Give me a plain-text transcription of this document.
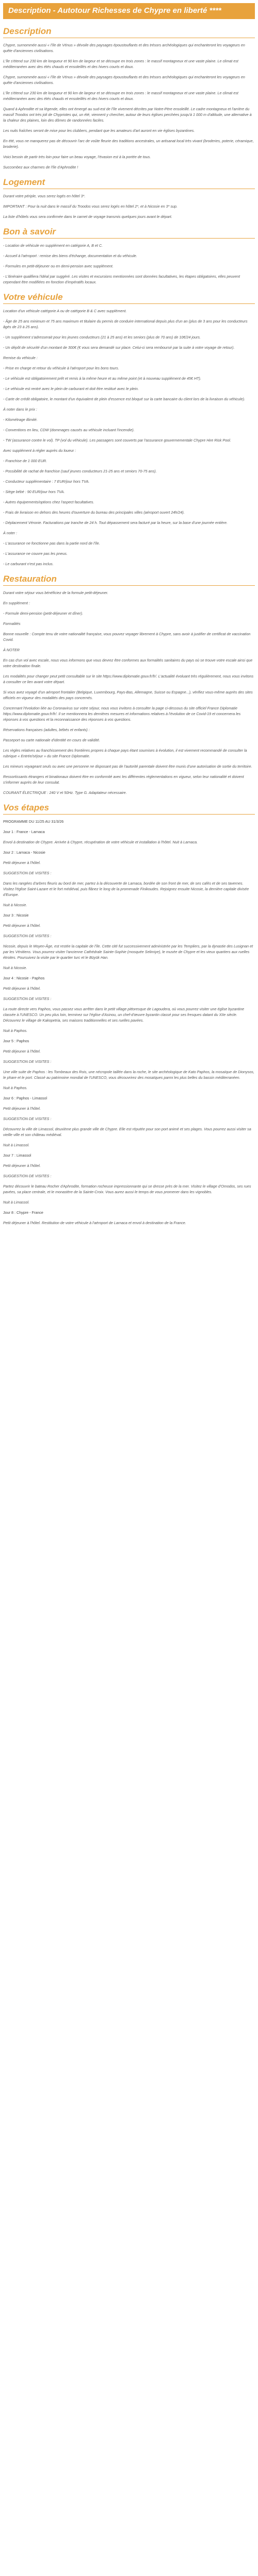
Description - Autotour Richesses de Chypre en liberté ****
Description

Chypre, surnommée aussi « l'île de Vénus » dévoile des paysages époustouflants et des trésors archéologiques qui enchanteront les voyageurs en quête d'anciennes civilisations.

L'île s'étend sur 230 km de longueur et 90 km de largeur et se découpe en trois zones : le massif montagneux et une vaste plaine. Le climat est méditerranéen avec des étés chauds et ensoleillés et des hivers courts et doux.

Chypre, surnommée aussi « l'île de Vénus » dévoile des paysages époustouflants et des trésors archéologiques qui enchanteront les voyageurs en quête d'anciennes civilisations.

L'île s'étend sur 230 km de longueur et 90 km de largeur et se découpe en trois zones : le massif montagneux et une vaste plaine. Le climat est méditerranéen avec des étés chauds et ensoleillés et des hivers courts et doux.

Quand à Aphrodite et sa légende, elles ont émergé au sud-est de l'île vivement décrites par Notre-Père ensoleillé. Le cadre montagneux et l'arrière du massif Troodos ont très joli de Chypriotes qui, un été, viennent y chercher, autour de leurs églises perchées jusqu'à 1 000 m d'altitude, une alternative à la chaleur des plaines, loin des dômes de randonnées faciles.

Les nuits fraîches seront de mise pour les clubbers, pendant que les amateurs d'art auront en vie églises byzantines.

En été, vous ne manquerez pas de découvrir l'arc de voûte fleurie des traditions ancestrales, un artisanat local très vivant (broderies, poterie, céramique, broderie).

Voici besoin de partir très loin pour faire un beau voyage, l'évasion est à la portée de tous.

Succombez aux charmes de l'île d'Aphrodite !

Logement

Durant votre périple, vous serez logés en hôtel 3*.

IMPORTANT : Pour la nuit dans le massif du Troodos vous serez logés en hôtel 2*, et à Nicosie en 3* sup.

La liste d'hôtels vous sera confirmée dans le carnet de voyage transmis quelques jours avant le départ.

Bon à savoir

- Location de véhicule en supplément en catégorie A, B et C.

- Accueil à l'aéroport : remise des biens d'échange, documentation et du véhicule.

- Formules en petit-déjeuner ou en demi-pension avec supplément.

- L'itinéraire qualifiera l'idéal par suggéré. Les visites et excursions mentionnées sont données facultatives, les étapes obligatoires, elles peuvent cependant être modifiées en fonction d'impératifs locaux.

Votre véhicule

Location d'un véhicule catégorie A ou de catégorie B & C avec supplément.

- Âge de 25 ans minimum et 75 ans maximum et titulaire du permis de conduire international depuis plus d'un an (plus de 3 ans pour les conducteurs âgés de 23 à 25 ans).

- Un supplément s'adresserait pour les jeunes conducteurs (21 à 25 ans) et les seniors (plus de 70 ans) de 10€/24 jours.

- Un dépôt de sécurité d'un montant de 300€ (€ vous sera demandé sur place. Celui-ci sera remboursé par la suite à votre voyage de retour).

Remise du véhicule :

- Prise en charge et retour du véhicule à l'aéroport pour les bons tours.

- Le véhicule est obligatoirement prêt et remis à la même heure et au même point (et à nouveau supplément de 45€ HT).

- Le véhicule est rentré avec le plein de carburant et doit être restitué avec le plein.

- Carte de crédit obligatoire, le montant d'un équivalent de plein d'essence est bloqué sur la carte bancaire du client lors de la livraison du véhicule).

À noter dans le prix :

- Kilométrage illimité.

- Conventions en lieu, CDW (dommages causés au véhicule incluant l'incendie).

- TW (assurance contre le vol). TP (vol du véhicule). Les passagers sont couverts par l'assurance gouvernementale Chypre Hire Risk Pool.

Avec supplément à régler auprès du loueur :

- Franchise de 1 000 EUR.

- Possibilité de rachat de franchise (sauf jeunes conducteurs 21-25 ans et seniors 70-75 ans).

- Conducteur supplémentaire : 7 EUR/jour hors TVA.

- Siège bébé : 90 EUR/jour hors TVA.

- Autres équipements/options chez l'aspect facultatives.

- Frais de livraison en dehors des heures d'ouverture du bureau des principales villes (aéroport ouvert 24h/24).

- Déplacement Véronie. Facturations par tranche de 24 h. Tout dépassement sera facturé par la heure, sur la base d'une journée entière.

À noter :

- L'assurance ne fonctionne pas dans la partie nord de l'île.

- L'assurance ne couvre pas les pneus.

- Le carburant n'est pas inclus.

Restauration

Durant votre séjour vous bénéficiez de la formule petit-déjeuner.

En supplément :

- Formule demi-pension (petit-déjeuner et dîner).

Formalités

Bonne nouvelle : Compte tenu de votre nationalité française, vous pouvez voyager librement à Chypre, sans avoir à justifier de certificat de vaccination Covid.

À NOTER

En cas d'un vol avec escale, nous vous informons que vous devrez être conformes aux formalités sanitaires du pays où se trouve votre escale ainsi que votre destination finale.

Les modalités pour changer peut petit consultable sur le site https://www.diplomatie.gouv.fr/fr/. L'actualité évoluant très régulièrement, nous vous invitons à consulter ce lien avant votre départ.

Si vous avez voyagé d'un aéroport frontalier (Belgique, Luxembourg, Pays-Bas, Allemagne, Suisse ou Espagne...), vérifiez vous-même auprès des sites officiels en vigueur des modalités des pays concernés.

Concernant l'évolution liée au Coronavirus sur votre séjour, nous vous invitons à consulter la page ci-dessous du site officiel France Diplomatie https://www.diplomatie.gouv.fr/fr/. Il se mentionnera les dernières mesures et informations relatives à l'évolution de ce Covid-19 et concernera les réponses à vos questions et la reconnaissance des réponses à vos questions.

Réservations françaises (adultes, bébés et enfants) :

Passeport ou carte nationale d'identité en cours de validité.

Les règles relatives au franchissement des frontières propres à chaque pays étant soumises à évolution, il est vivement recommandé de consulter la rubrique « Entrée/séjour » du site France Diplomatie.

Les mineurs voyageant seuls ou avec une personne ne disposant pas de l'autorité parentale doivent être munis d'une autorisation de sortie du territoire.

Ressortissants étrangers et binationaux doivent être en conformité avec les différentes réglementations en vigueur, selon leur nationalité et doivent s'informer auprès de leur consulat.

COURANT ÉLECTRIQUE : 240 V et 50Hz. Type G. Adaptateur nécessaire.

Vos étapes

PROGRAMME DU 11/25 AU 31/3/26

Jour 1 : France - Larnaca

Envol à destination de Chypre. Arrivée à Chypre, récupération de votre véhicule et installation à l'hôtel. Nuit à Larnaca.

Jour 2 : Larnaca - Nicosie

Petit déjeuner à l'hôtel.

SUGGESTION DE VISITES :

Dans les rangées d'arbres fleuris au bord de mer, partez à la découverte de Larnaca, bordée de son front de mer, de ses cafés et de ses tavernes. Visitez l'église Saint-Lazare et le fort médiéval, puis flânez le long de la promenade Finikoudes. Rejoignez ensuite Nicosie, la dernière capitale divisée d'Europe.

Nuit à Nicosie.

Jour 3 : Nicosie

Petit déjeuner à l'hôtel.

SUGGESTION DE VISITES :

Nicosie, depuis le Moyen-Âge, est restée la capitale de l'île. Cette cité fut successivement administrée par les Templiers, par la dynastie des Lusignan et par les Vénitiens. Vous pourrez visiter l'ancienne Cathédrale Sainte-Sophie (mosquée Selimiye), le musée de Chypre et les vieux quartiers aux ruelles étroites. Poursuivez la visite par le quartier turc et le Büyük Han.

Nuit à Nicosie.

Jour 4 : Nicosie - Paphos

Petit déjeuner à l'hôtel.

SUGGESTION DE VISITES :

La route directe vers Paphos, vous passez vous arrêter dans le petit village pittoresque de Lagoudera, où vous pourrez visiter une église byzantine classée à l'UNESCO. Un peu plus loin, terminez sur l'église d'Asinou, un chef-d'œuvre byzantin classé pour ses fresques datant du XIIe siècle. Découvrez le village de Kakopetria, ses maisons traditionnelles et ses ruelles pavées.

Nuit à Paphos.

Jour 5 : Paphos

Petit déjeuner à l'hôtel.

SUGGESTION DE VISITES :

Une ville suite de Paphos : les Tombeaux des Rois, une nécropole taillée dans la roche, le site archéologique de Kato Paphos, la mosaïque de Dionysos, le phare et le port. Classé au patrimoine mondial de l'UNESCO, vous découvrirez des mosaïques parmi les plus belles du bassin méditerranéen.

Nuit à Paphos.

Jour 6 : Paphos - Limassol

Petit déjeuner à l'hôtel.

SUGGESTION DE VISITES :

Découvrez la ville de Limassol, deuxième plus grande ville de Chypre. Elle est réputée pour son port animé et ses plages. Vous pourrez aussi visiter sa vieille ville et son château médiéval.

Nuit à Limassol.

Jour 7 : Limassol

Petit déjeuner à l'hôtel.

SUGGESTION DE VISITES :

Partez découvrir le bateau Rocher d'Aphrodite, formation rocheuse impressionnante qui se dresse près de la mer. Visitez le village d'Omodos, ses rues pavées, sa place centrale, et le monastère de la Sainte-Croix. Vous aurez aussi le temps de vous promener dans les vignobles.

Nuit à Limassol.

Jour 8 : Chypre - France

Petit déjeuner à l'hôtel. Restitution de votre véhicule à l'aéroport de Larnaca et envol à destination de la France.
